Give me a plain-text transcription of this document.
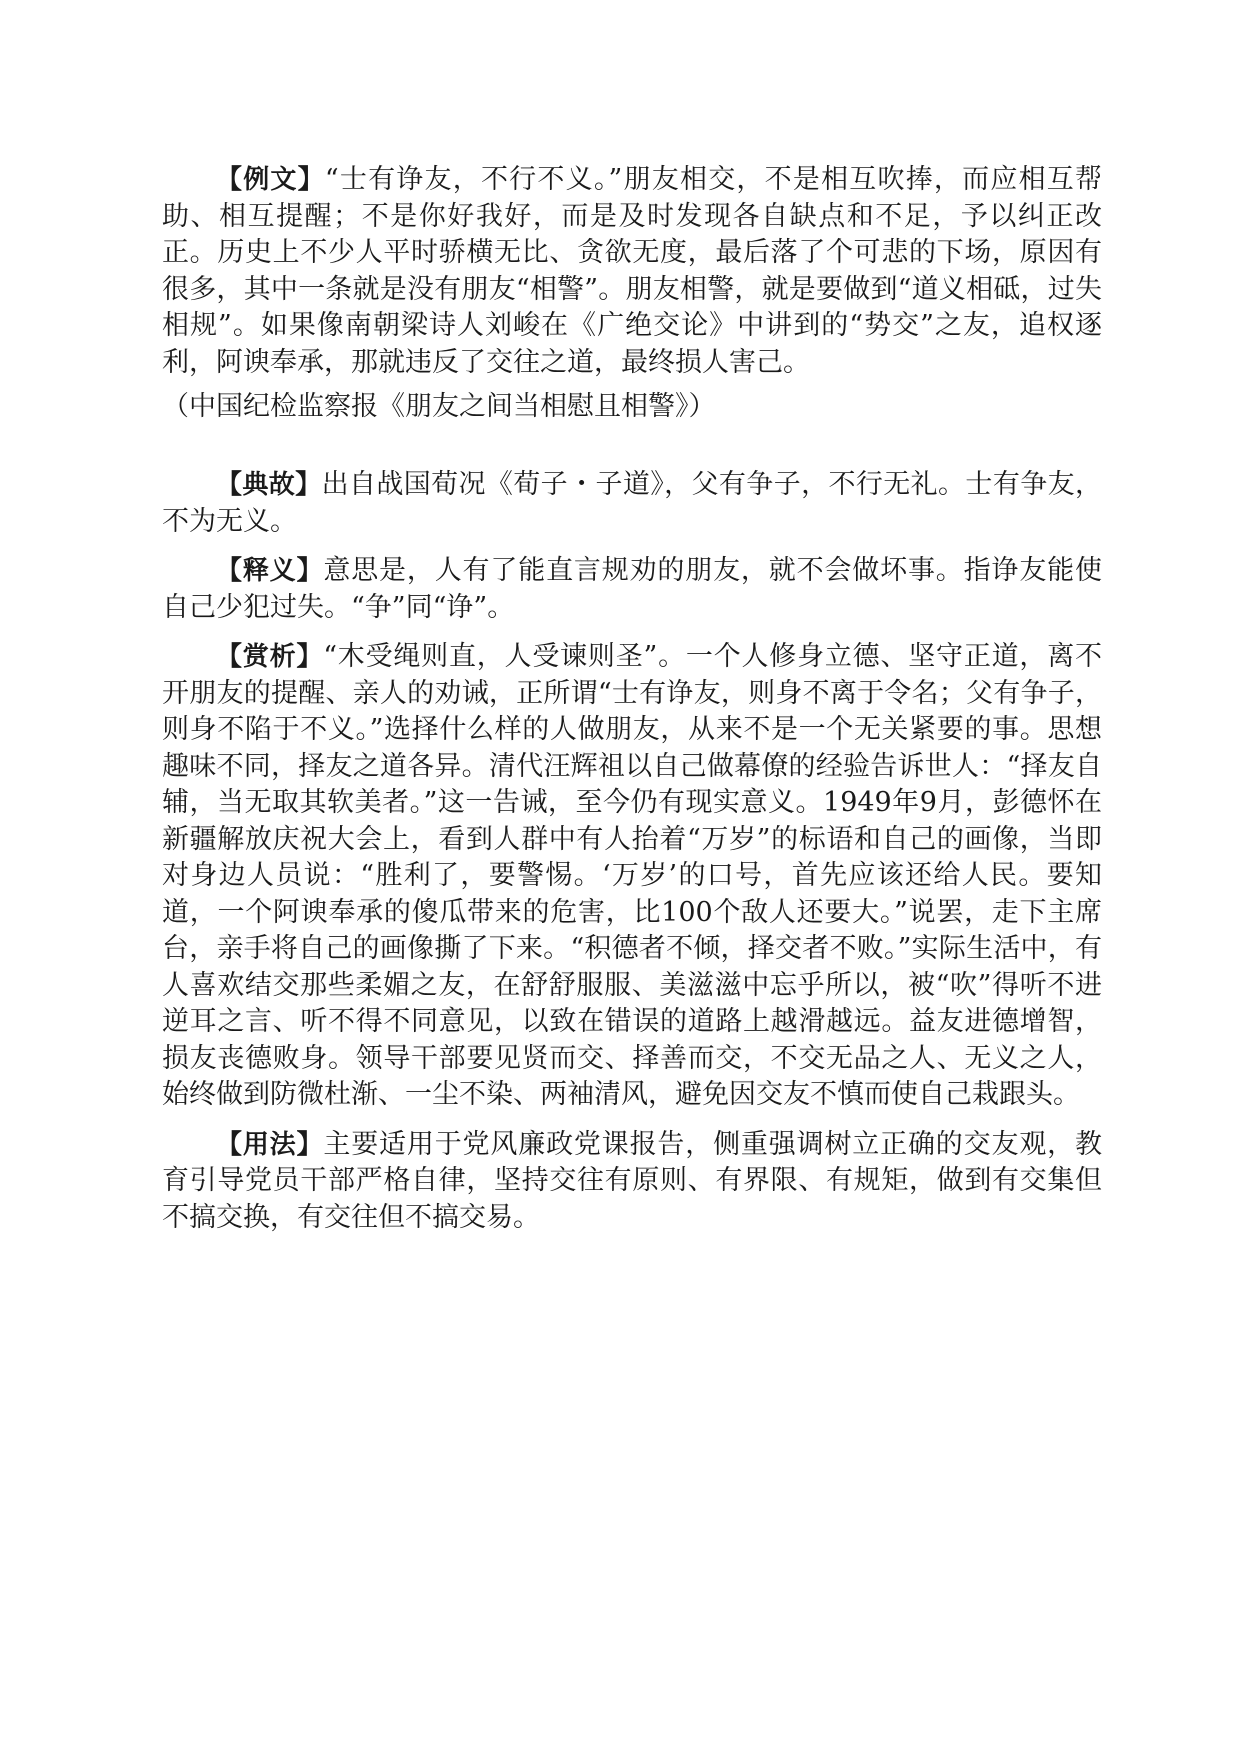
【例文】“士有诤友，不行不义。”朋友相交，不是相互吹捧，而应相互帮助、相互提醒；不是你好我好，而是及时发现各自缺点和不足，予以纠正改正。历史上不少人平时骄横无比、贪欲无度，最后落了个可悲的下场，原因有很多，其中一条就是没有朋友“相警”。朋友相警，就是要做到“道义相砥，过失相规”。如果像南朝梁诗人刘峻在《广绝交论》中讲到的“势交”之友，追权逐利，阿谀奉承，那就违反了交往之道，最终损人害己。

（中国纪检监察报《朋友之间当相慰且相警》）

【典故】出自战国荀况《荀子・子道》，父有争子，不行无礼。士有争友，不为无义。

【释义】意思是，人有了能直言规劝的朋友，就不会做坏事。指诤友能使自己少犯过失。“争”同“诤”。

【赏析】“木受绳则直，人受谏则圣”。一个人修身立德、坚守正道，离不开朋友的提醒、亲人的劝诫，正所谓“士有诤友，则身不离于令名；父有争子，则身不陷于不义。”选择什么样的人做朋友，从来不是一个无关紧要的事。思想趣味不同，择友之道各异。清代汪辉祖以自己做幕僚的经验告诉世人：“择友自辅，当无取其软美者。”这一告诫，至今仍有现实意义。1949年9月，彭德怀在新疆解放庆祝大会上，看到人群中有人抬着“万岁”的标语和自己的画像，当即对身边人员说：“胜利了，要警惕。‘万岁’的口号，首先应该还给人民。要知道，一个阿谀奉承的傻瓜带来的危害，比100个敌人还要大。”说罢，走下主席台，亲手将自己的画像撕了下来。“积德者不倾，择交者不败。”实际生活中，有人喜欢结交那些柔媚之友，在舒舒服服、美滋滋中忘乎所以，被“吹”得听不进逆耳之言、听不得不同意见，以致在错误的道路上越滑越远。益友进德增智，损友丧德败身。领导干部要见贤而交、择善而交，不交无品之人、无义之人，始终做到防微杜渐、一尘不染、两袖清风，避免因交友不慎而使自己栽跟头。

【用法】主要适用于党风廉政党课报告，侧重强调树立正确的交友观，教育引导党员干部严格自律，坚持交往有原则、有界限、有规矩，做到有交集但不搞交换，有交往但不搞交易。
